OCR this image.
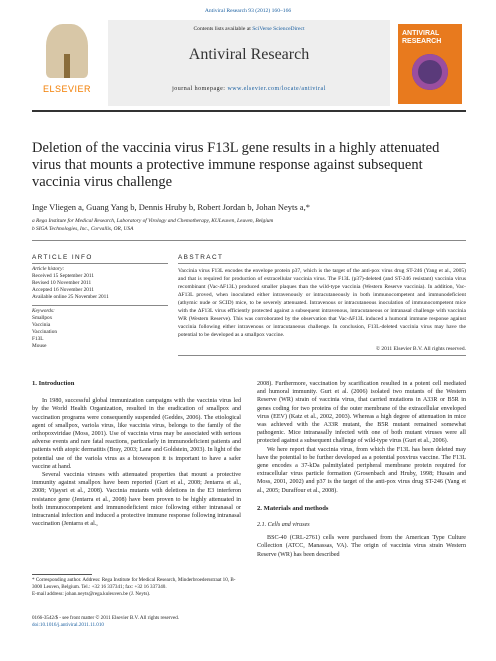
Antiviral Research 93 (2012) 160–166
ELSEVIER
Contents lists available at SciVerse ScienceDirect
Antiviral Research
journal homepage: www.elsevier.com/locate/antiviral
ANTIVIRAL RESEARCH
Deletion of the vaccinia virus F13L gene results in a highly attenuated virus that mounts a protective immune response against subsequent vaccinia virus challenge
Inge Vliegen a, Guang Yang b, Dennis Hruby b, Robert Jordan b, Johan Neyts a,*
a Rega Institute for Medical Research, Laboratory of Virology and Chemotherapy, KULeuven, Leuven, Belgium
b SIGA Technologies, Inc., Corvallis, OR, USA
ARTICLE INFO	ABSTRACT
Article history:
Received 15 September 2011
Revised 10 November 2011
Accepted 16 November 2011
Available online 25 November 2011
Keywords:
Smallpox
Vaccinia
Vaccination
F13L
Mouse
Vaccinia virus F13L encodes the envelope protein p37, which is the target of the anti-pox virus drug ST-246 (Yang et al., 2005) and that is required for production of extracellular vaccinia virus. The F13L (p37)-deleted (and ST-246 resistant) vaccinia virus recombinant (Vac-ΔF13L) produced smaller plaques than the wild-type vaccinia (Western Reserve vaccinia). In addition, Vac-ΔF13L proved, when inoculated either intravenously or intracutaneously in both immunocompetent and immunodeficient (athymic nude or SCID) mice, to be severely attenuated. Intravenous or intracutaneous inoculation of immunocompetent mice with the ΔF13L virus efficiently protected against a subsequent intravenous, intracutaneous or intranasal challenge with vaccinia WR (Western Reserve). This was corroborated by the observation that Vac-ΔF13L induced a humoral immune response against vaccinia following either intravenous or intracutaneous challenge. In conclusion, F13L-deleted vaccinia virus may have the potential to be developed as a smallpox vaccine.
© 2011 Elsevier B.V. All rights reserved.

1. Introduction

In 1980, successful global immunization campaigns with the vaccinia virus led by the World Health Organization, resulted in the eradication of smallpox and vaccination programs were consequently suspended (Geddes, 2006). The etiological agent of smallpox, variola virus, like vaccinia virus, belongs to the family of the orthopoxviridae (Moss, 2001). Use of vaccinia virus may be associated with serious adverse events and rare fatal reactions, particularly in immunodeficient patients and patients with atopic dermatitis (Bray, 2003; Lane and Goldstein, 2003). In light of the potential use of the variola virus as a bioweapon it is important to have a safer vaccine at hand.

Several vaccinia viruses with attenuated properties that mount a protective immunity against smallpox have been reported (Gurt et al., 2008; Jentarra et al., 2008; Vijaysri et al., 2008). Vaccinia mutants with deletions in the E3 interferon resistance gene (Jentarra et al., 2008) have been proven to be highly attenuated in both immunocompetent and immunodeficient mice following either intranasal or intracranial infection and induced a protective immune response following intranasal vaccination (Jentarra et al.,

2008). Furthermore, vaccination by scarification resulted in a potent cell mediated and humoral immunity. Gurt et al. (2006) isolated two mutants of the Western Reserve (WR) strain of vaccinia virus, that carried mutations in A33R or B5R in genes coding for two proteins of the outer membrane of the extracellular enveloped virus (EEV) (Katz et al., 2002, 2003). Whereas a high degree of attenuation in mice was achieved with the A33R mutant, the B5R mutant remained somewhat pathogenic. Mice intranasally infected with one of both mutant viruses were all protected against a subsequent challenge of wild-type virus (Gurt et al., 2006).

We here report that vaccinia virus, from which the F13L has been deleted may have the potential to be further developed as a potential poxvirus vaccine. The F13L gene encodes a 37-kDa palmitylated peripheral membrane protein required for extracellular virus particle formation (Grosenbach and Hruby, 1998; Husain and Moss, 2001, 2002) and p37 is the target of the anti-pox virus drug ST-246 (Yang et al., 2005; Duraffour et al., 2008).

2. Materials and methods

2.1. Cells and viruses

BSC-40 (CRL-2761) cells were purchased from the American Type Culture Collection (ATCC, Manassas, VA). The origin of vaccinia virus strain Western Reserve (WR) has been described

* Corresponding author. Address: Rega Institute for Medical Research, Minderbroedersstraat 10, B-3000 Leuven, Belgium. Tel.: +32 16 337341; fax: +32 16 337340.
E-mail address: johan.neyts@rega.kuleuven.be (J. Neyts).
0166-3542/$ - see front matter © 2011 Elsevier B.V. All rights reserved.
doi:10.1016/j.antiviral.2011.11.010
